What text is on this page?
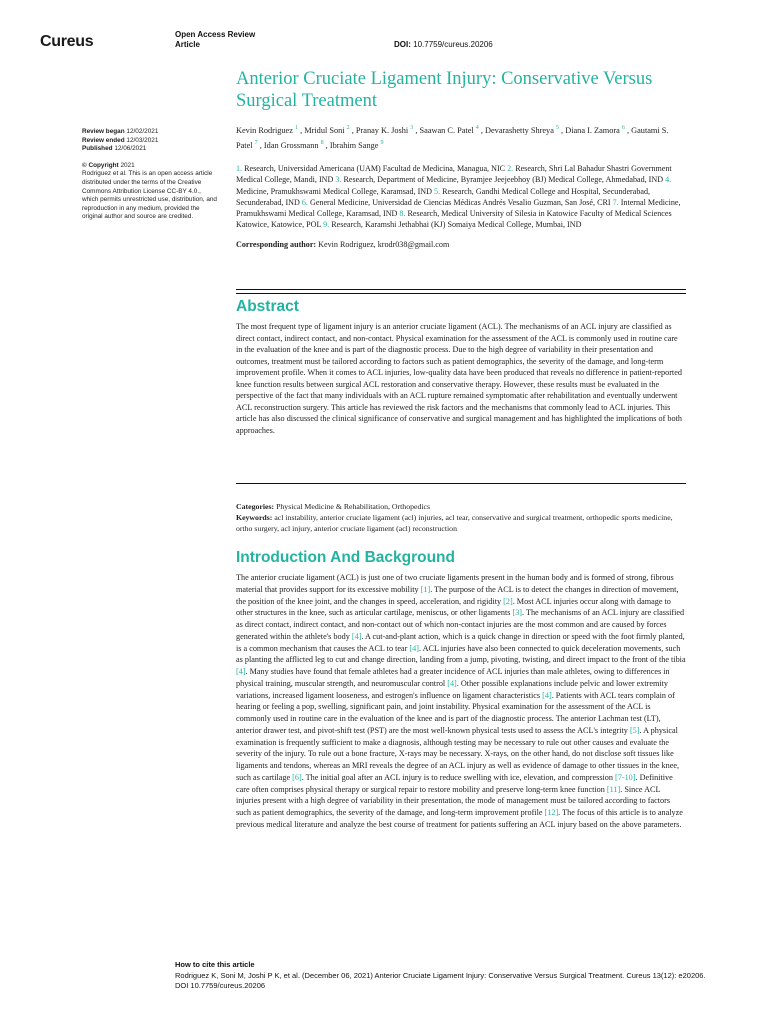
Cureus	Open Access Review
Article	DOI: 10.7759/cureus.20206
Review began 12/02/2021
Review ended 12/03/2021
Published 12/06/2021
© Copyright 2021
Rodriguez et al. This is an open access article distributed under the terms of the Creative Commons Attribution License CC-BY 4.0., which permits unrestricted use, distribution, and reproduction in any medium, provided the original author and source are credited.
Anterior Cruciate Ligament Injury: Conservative Versus Surgical Treatment
Kevin Rodriguez $^1$ , Mridul Soni $^2$ , Pranay K. Joshi $^3$ , Saawan C. Patel $^4$ , Devarashetty Shreya $^5$ , Diana I. Zamora $^6$ , Gautami S. Patel $^7$ , Idan Grossmann $^8$ , Ibrahim Sange $^9$
1. Research, Universidad Americana (UAM) Facultad de Medicina, Managua, NIC 2. Research, Shri Lal Bahadur Shastri Government Medical College, Mandi, IND 3. Research, Department of Medicine, Byramjee Jeejeebhoy (BJ) Medical College, Ahmedabad, IND 4. Medicine, Pramukhswami Medical College, Karamsad, IND 5. Research, Gandhi Medical College and Hospital, Secunderabad, Secunderabad, IND 6. General Medicine, Universidad de Ciencias Médicas Andrés Vesalio Guzman, San José, CRI 7. Internal Medicine, Pramukhswami Medical College, Karamsad, IND 8. Research, Medical University of Silesia in Katowice Faculty of Medical Sciences Katowice, Katowice, POL 9. Research, Karamshi Jethabhai (KJ) Somaiya Medical College, Mumbai, IND
Corresponding author: Kevin Rodriguez, krodr038@gmail.com
Abstract
The most frequent type of ligament injury is an anterior cruciate ligament (ACL). The mechanisms of an ACL injury are classified as direct contact, indirect contact, and non-contact. Physical examination for the assessment of the ACL is commonly used in routine care in the evaluation of the knee and is part of the diagnostic process. Due to the high degree of variability in their presentation and outcomes, treatment must be tailored according to factors such as patient demographics, the severity of the damage, and long-term improvement profile. When it comes to ACL injuries, low-quality data have been produced that reveals no difference in patient-reported knee function results between surgical ACL restoration and conservative therapy. However, these results must be evaluated in the perspective of the fact that many individuals with an ACL rupture remained symptomatic after rehabilitation and eventually underwent ACL reconstruction surgery. This article has reviewed the risk factors and the mechanisms that commonly lead to ACL injuries. This article has also discussed the clinical significance of conservative and surgical management and has highlighted the implications of both approaches.
Categories: Physical Medicine & Rehabilitation, Orthopedics
Keywords: acl instability, anterior cruciate ligament (acl) injuries, acl tear, conservative and surgical treatment, orthopedic sports medicine, ortho surgery, acl injury, anterior cruciate ligament (acl) reconstruction
Introduction And Background
The anterior cruciate ligament (ACL) is just one of two cruciate ligaments present in the human body and is formed of strong, fibrous material that provides support for its excessive mobility [1]. The purpose of the ACL is to detect the changes in direction of movement, the position of the knee joint, and the changes in speed, acceleration, and rigidity [2]. Most ACL injuries occur along with damage to other structures in the knee, such as articular cartilage, meniscus, or other ligaments [3]. The mechanisms of an ACL injury are classified as direct contact, indirect contact, and non-contact out of which non-contact injuries are the most common and are caused by forces generated within the athlete's body [4]. A cut-and-plant action, which is a quick change in direction or speed with the foot firmly planted, is a common mechanism that causes the ACL to tear [4]. ACL injuries have also been connected to quick deceleration movements, such as planting the afflicted leg to cut and change direction, landing from a jump, pivoting, twisting, and direct impact to the front of the tibia [4]. Many studies have found that female athletes had a greater incidence of ACL injuries than male athletes, owing to differences in physical training, muscular strength, and neuromuscular control [4]. Other possible explanations include pelvic and lower extremity variations, increased ligament looseness, and estrogen's influence on ligament characteristics [4]. Patients with ACL tears complain of hearing or feeling a pop, swelling, significant pain, and joint instability. Physical examination for the assessment of the ACL is commonly used in routine care in the evaluation of the knee and is part of the diagnostic process. The anterior Lachman test (LT), anterior drawer test, and pivot-shift test (PST) are the most well-known physical tests used to assess the ACL's integrity [5]. A physical examination is frequently sufficient to make a diagnosis, although testing may be necessary to rule out other causes and evaluate the severity of the injury. To rule out a bone fracture, X-rays may be necessary. X-rays, on the other hand, do not disclose soft tissues like ligaments and tendons, whereas an MRI reveals the degree of an ACL injury as well as evidence of damage to other tissues in the knee, such as cartilage [6]. The initial goal after an ACL injury is to reduce swelling with ice, elevation, and compression [7-10]. Definitive care often comprises physical therapy or surgical repair to restore mobility and preserve long-term knee function [11]. Since ACL injuries present with a high degree of variability in their presentation, the mode of management must be tailored according to factors such as patient demographics, the severity of the damage, and long-term improvement profile [12]. The focus of this article is to analyze previous medical literature and analyze the best course of treatment for patients suffering an ACL injury based on the above parameters.
How to cite this article
Rodriguez K, Soni M, Joshi P K, et al. (December 06, 2021) Anterior Cruciate Ligament Injury: Conservative Versus Surgical Treatment. Cureus 13(12): e20206. DOI 10.7759/cureus.20206
